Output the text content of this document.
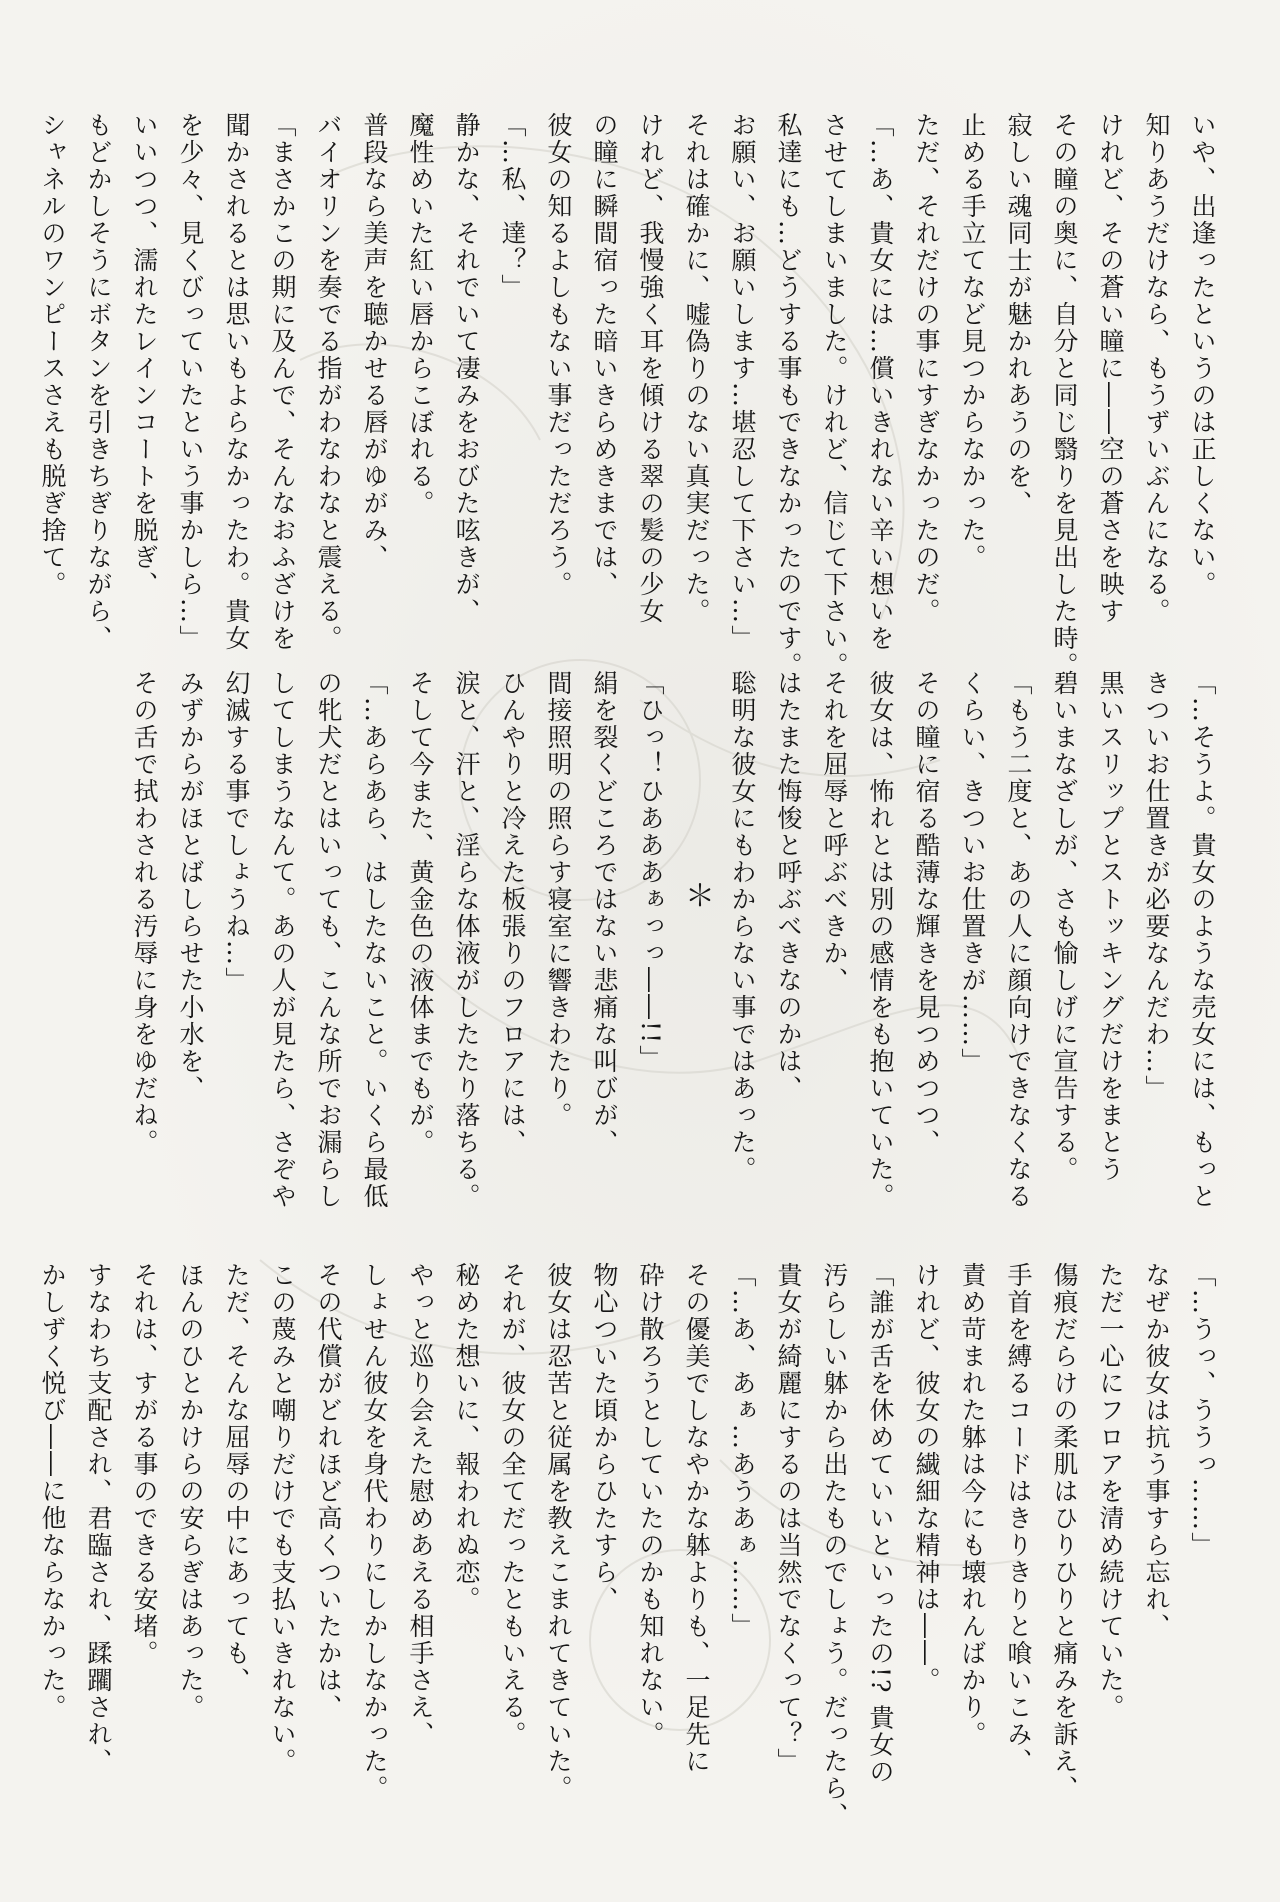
いや、出逢ったというのは正しくない。

知りあうだけなら、もうずいぶんになる。

けれど、その蒼い瞳に――空の蒼さを映す

その瞳の奥に、自分と同じ翳りを見出した時。

寂しい魂同士が魅かれあうのを、

止める手立てなど見つからなかった。

ただ、それだけの事にすぎなかったのだ。

「…あ、貴女には…償いきれない辛い想いを

させてしまいました。けれど、信じて下さい。

私達にも…どうする事もできなかったのです。

お願い、お願いします…堪忍して下さい…」

それは確かに、嘘偽りのない真実だった。

けれど、我慢強く耳を傾ける翠の髪の少女

の瞳に瞬間宿った暗いきらめきまでは、

彼女の知るよしもない事だっただろう。

「…私、達？」

静かな、それでいて凄みをおびた呟きが、

魔性めいた紅い唇からこぼれる。

普段なら美声を聴かせる唇がゆがみ、

バイオリンを奏でる指がわなわなと震える。

「まさかこの期に及んで、そんなおふざけを

聞かされるとは思いもよらなかったわ。貴女

を少々、見くびっていたという事かしら…」

いいつつ、濡れたレインコートを脱ぎ、

もどかしそうにボタンを引きちぎりながら、

シャネルのワンピースさえも脱ぎ捨て。

「…そうよ。貴女のような売女には、もっと

きついお仕置きが必要なんだわ…」

黒いスリップとストッキングだけをまとう

碧いまなざしが、さも愉しげに宣告する。

「もう二度と、あの人に顔向けできなくなる

くらい、きついお仕置きが……」

その瞳に宿る酷薄な輝きを見つめつつ、

彼女は、怖れとは別の感情をも抱いていた。

それを屈辱と呼ぶべきか、

はたまた悔悛と呼ぶべきなのかは、

聡明な彼女にもわからない事ではあった。

＊

「ひっ！ひあああぁっっ――!!」

絹を裂くどころではない悲痛な叫びが、

間接照明の照らす寝室に響きわたり。

ひんやりと冷えた板張りのフロアには、

涙と、汗と、淫らな体液がしたたり落ちる。

そして今また、黄金色の液体までもが。

「…あらあら、はしたないこと。いくら最低

の牝犬だとはいっても、こんな所でお漏らし

してしまうなんて。あの人が見たら、さぞや

幻滅する事でしょうね…」

みずからがほとばしらせた小水を、

その舌で拭わされる汚辱に身をゆだね。

「…うっ、ううっ……」

なぜか彼女は抗う事すら忘れ、

ただ一心にフロアを清め続けていた。

傷痕だらけの柔肌はひりひりと痛みを訴え、

手首を縛るコードはきりきりと喰いこみ、

責め苛まれた躰は今にも壊れんばかり。

けれど、彼女の繊細な精神は――。

「誰が舌を休めていいといったの!? 貴女の

汚らしい躰から出たものでしょう。だったら、

貴女が綺麗にするのは当然でなくって？」

「…あ、あぁ…あうあぁ……」

その優美でしなやかな躰よりも、一足先に

砕け散ろうとしていたのかも知れない。

物心ついた頃からひたすら、

彼女は忍苦と従属を教えこまれてきていた。

それが、彼女の全てだったともいえる。

秘めた想いに、報われぬ恋。

やっと巡り会えた慰めあえる相手さえ、

しょせん彼女を身代わりにしかしなかった。

その代償がどれほど高くついたかは、

この蔑みと嘲りだけでも支払いきれない。

ただ、そんな屈辱の中にあっても、

ほんのひとかけらの安らぎはあった。

それは、すがる事のできる安堵。

すなわち支配され、君臨され、蹂躙され、

かしずく悦び――に他ならなかった。
